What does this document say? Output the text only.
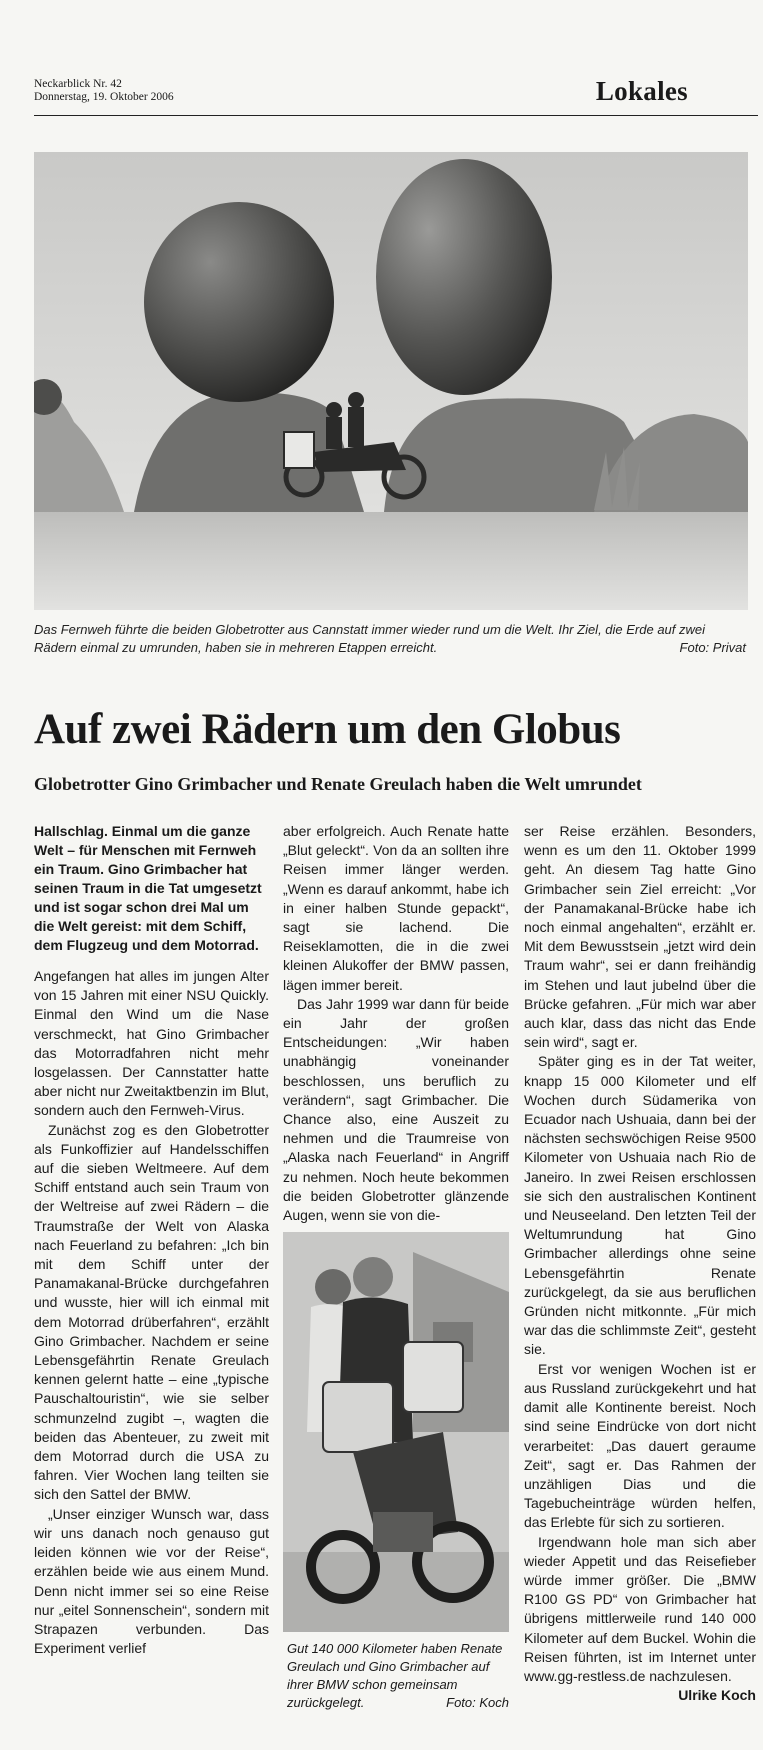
Neckarblick Nr. 42
Donnerstag, 19. Oktober 2006	Lokales
Das Fernweh führte die beiden Globetrotter aus Cannstatt immer wieder rund um die Welt. Ihr Ziel, die Erde auf zwei Rädern einmal zu umrunden, haben sie in mehreren Etappen erreicht.	Foto: Privat
Auf zwei Rädern um den Globus
Globetrotter Gino Grimbacher und Renate Greulach haben die Welt umrundet

Hallschlag. Einmal um die ganze Welt – für Menschen mit Fernweh ein Traum. Gino Grimbacher hat seinen Traum in die Tat umgesetzt und ist sogar schon drei Mal um die Welt gereist: mit dem Schiff, dem Flugzeug und dem Motorrad.

Angefangen hat alles im jungen Alter von 15 Jahren mit einer NSU Quickly. Einmal den Wind um die Nase verschmeckt, hat Gino Grimbacher das Motorradfahren nicht mehr losgelassen. Der Cannstatter hatte aber nicht nur Zweitaktbenzin im Blut, sondern auch den Fernweh-Virus.

Zunächst zog es den Globetrotter als Funkoffizier auf Handelsschiffen auf die sieben Weltmeere. Auf dem Schiff entstand auch sein Traum von der Weltreise auf zwei Rädern – die Traumstraße der Welt von Alaska nach Feuerland zu befahren: „Ich bin mit dem Schiff unter der Panamakanal-Brücke durchgefahren und wusste, hier will ich einmal mit dem Motorrad drüberfahren“, erzählt Gino Grimbacher. Nachdem er seine Lebensgefährtin Renate Greulach kennen gelernt hatte – eine „typische Pauschaltouristin“, wie sie selber schmunzelnd zugibt –, wagten die beiden das Abenteuer, zu zweit mit dem Motorrad durch die USA zu fahren. Vier Wochen lang teilten sie sich den Sattel der BMW.

„Unser einziger Wunsch war, dass wir uns danach noch genauso gut leiden können wie vor der Reise“, erzählen beide wie aus einem Mund. Denn nicht immer sei so eine Reise nur „eitel Sonnenschein“, sondern mit Strapazen verbunden. Das Experiment verlief

aber erfolgreich. Auch Renate hatte „Blut geleckt“. Von da an sollten ihre Reisen immer länger werden. „Wenn es darauf ankommt, habe ich in einer halben Stunde gepackt“, sagt sie lachend. Die Reiseklamotten, die in die zwei kleinen Alukoffer der BMW passen, lägen immer bereit.

Das Jahr 1999 war dann für beide ein Jahr der großen Entscheidungen: „Wir haben unabhängig voneinander beschlossen, uns beruflich zu verändern“, sagt Grimbacher. Die Chance also, eine Auszeit zu nehmen und die Traumreise von „Alaska nach Feuerland“ in Angriff zu nehmen. Noch heute bekommen die beiden Globetrotter glänzende Augen, wenn sie von die-

ser Reise erzählen. Besonders, wenn es um den 11. Oktober 1999 geht. An diesem Tag hatte Gino Grimbacher sein Ziel erreicht: „Vor der Panamakanal-Brücke habe ich noch einmal angehalten“, erzählt er. Mit dem Bewusstsein „jetzt wird dein Traum wahr“, sei er dann freihändig im Stehen und laut jubelnd über die Brücke gefahren. „Für mich war aber auch klar, dass das nicht das Ende sein wird“, sagt er.

Später ging es in der Tat weiter, knapp 15 000 Kilometer und elf Wochen durch Südamerika von Ecuador nach Ushuaia, dann bei der nächsten sechswöchigen Reise 9500 Kilometer von Ushuaia nach Rio de Janeiro. In zwei Reisen erschlossen sie sich den australischen Kontinent und Neuseeland. Den letzten Teil der Weltumrundung hat Gino Grimbacher allerdings ohne seine Lebensgefährtin Renate zurückgelegt, da sie aus beruflichen Gründen nicht mitkonnte. „Für mich war das die schlimmste Zeit“, gesteht sie.

Erst vor wenigen Wochen ist er aus Russland zurückgekehrt und hat damit alle Kontinente bereist. Noch sind seine Eindrücke von dort nicht verarbeitet: „Das dauert geraume Zeit“, sagt er. Das Rahmen der unzähligen Dias und die Tagebucheinträge würden helfen, das Erlebte für sich zu sortieren.

Irgendwann hole man sich aber wieder Appetit und das Reisefieber würde immer größer. Die „BMW R100 GS PD“ von Grimbacher hat übrigens mittlerweile rund 140 000 Kilometer auf dem Buckel. Wohin die Reisen führten, ist im Internet unter www.gg-restless.de nachzulesen.
Ulrike Koch

Gut 140 000 Kilometer haben Renate Greulach und Gino Grimbacher auf ihrer BMW schon gemeinsam zurückgelegt.	Foto: Koch
